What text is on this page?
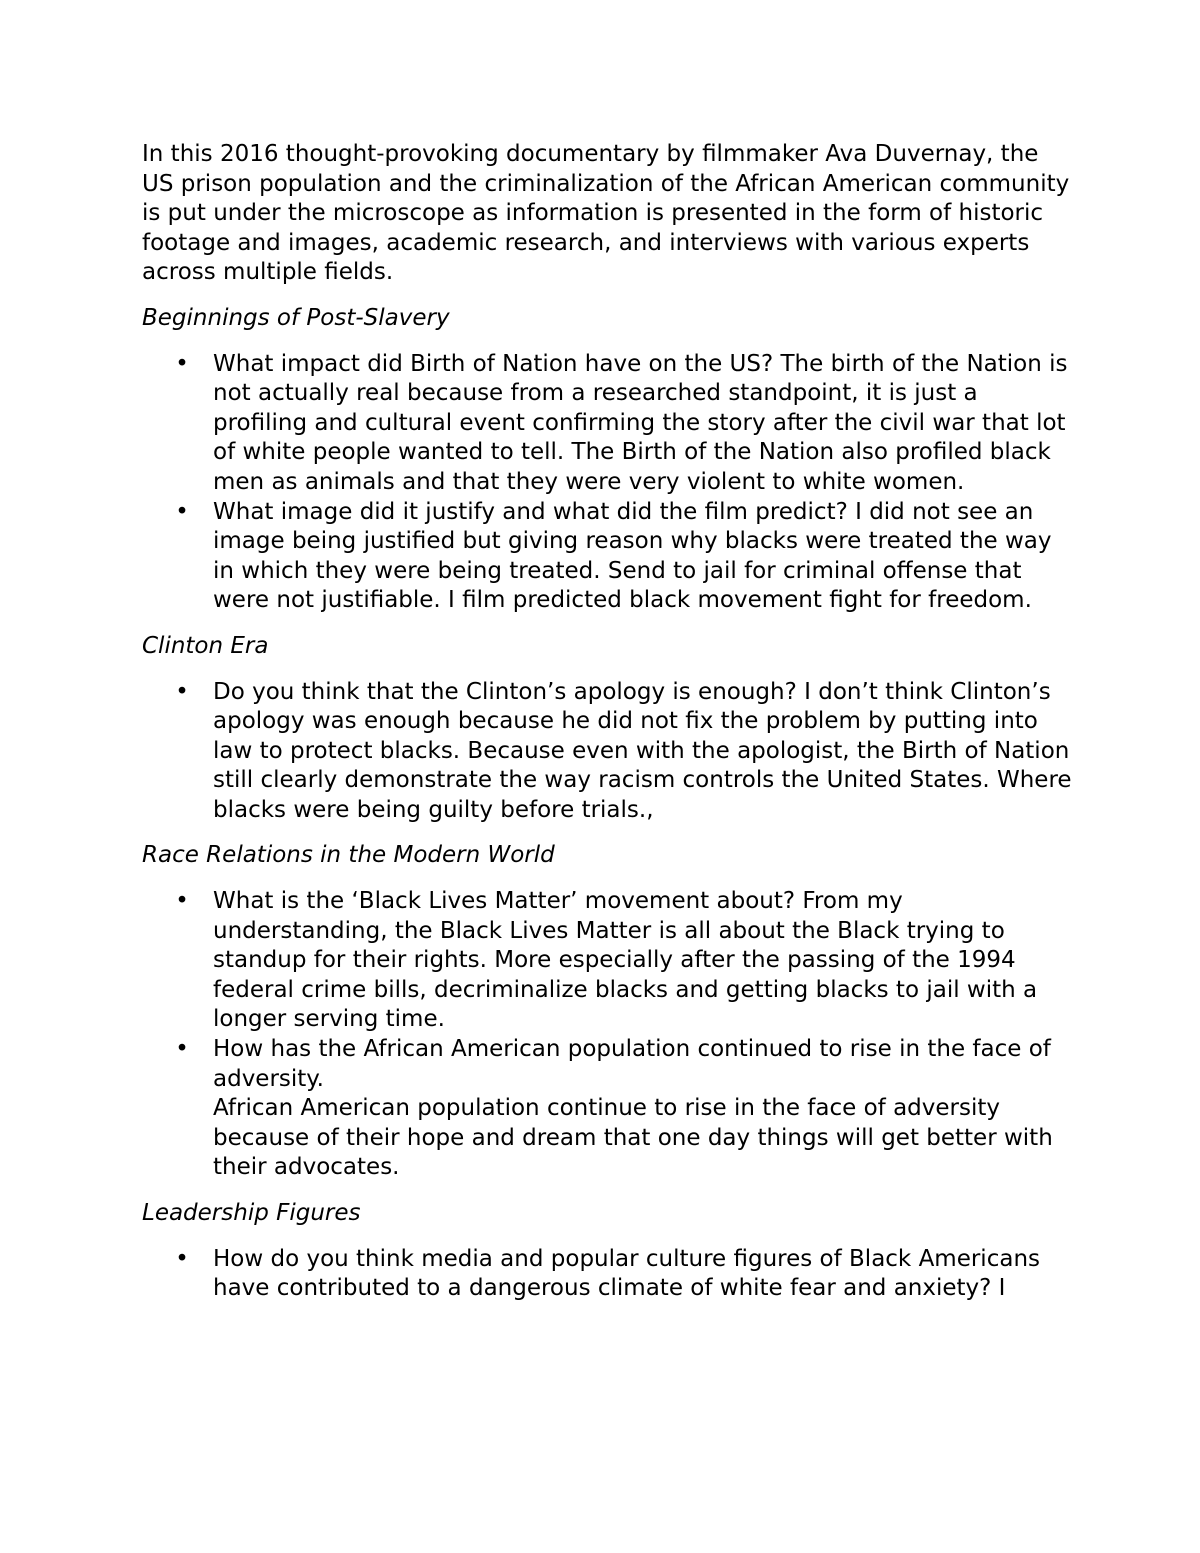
In this 2016 thought-provoking documentary by filmmaker Ava Duvernay, the US prison population and the criminalization of the African American community is put under the microscope as information is presented in the form of historic footage and images, academic research, and interviews with various experts across multiple fields.

Beginnings of Post-Slavery

• What impact did Birth of Nation have on the US? The birth of the Nation is not actually real because from a researched standpoint, it is just a profiling and cultural event confirming the story after the civil war that lot of white people wanted to tell. The Birth of the Nation also profiled black men as animals and that they were very violent to white women.
• What image did it justify and what did the film predict? I did not see an image being justified but giving reason why blacks were treated the way in which they were being treated. Send to jail for criminal offense that were not justifiable. I film predicted black movement fight for freedom.

Clinton Era

• Do you think that the Clinton’s apology is enough? I don’t think Clinton’s apology was enough because he did not fix the problem by putting into law to protect blacks. Because even with the apologist, the Birth of Nation still clearly demonstrate the way racism controls the United States. Where blacks were being guilty before trials.,

Race Relations in the Modern World

• What is the ‘Black Lives Matter’ movement about? From my understanding, the Black Lives Matter is all about the Black trying to standup for their rights. More especially after the passing of the 1994 federal crime bills, decriminalize blacks and getting blacks to jail with a longer serving time.
• How has the African American population continued to rise in the face of
adversity.
African American population continue to rise in the face of adversity because of their hope and dream that one day things will get better with their advocates.

Leadership Figures

• How do you think media and popular culture figures of Black Americans have contributed to a dangerous climate of white fear and anxiety? I
